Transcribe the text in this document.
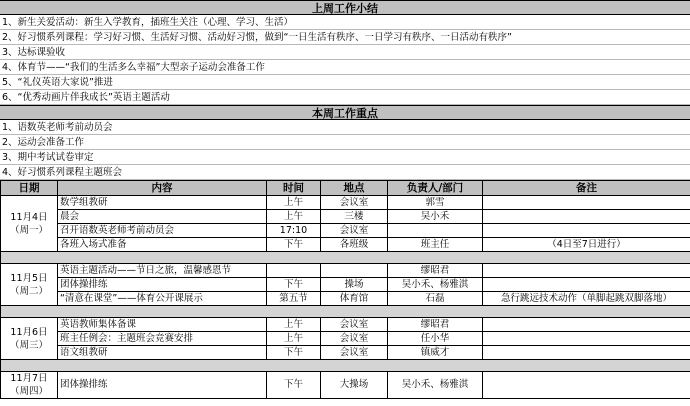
上周工作小结
1、新生关爱活动：新生入学教育，插班生关注（心理、学习、生活）
2、好习惯系列课程：学习好习惯、生活好习惯、活动好习惯，做到“一日生活有秩序、一日学习有秩序、一日活动有秩序”
3、达标课验收
4、体育节——“我们的生活多么幸福”大型亲子运动会准备工作
5、“礼仪英语大家说”推进
6、“优秀动画片伴我成长”英语主题活动
本周工作重点
1、语数英老师考前动员会
2、运动会准备工作
3、期中考试试卷审定
4、好习惯系列课程主题班会
日期	内容	时间	地点	负责人/部门	备注
11月4日
（周一）	数学组教研	上午	会议室	郭雪	
	晨会	上午	三楼	吴小禾	
	召开语数英老师考前动员会	17:10	会议室		
	各班入场式准备	下午	各班级	班主任	（4日至7日进行）

11月5日
（周二）	英语主题活动——节日之旅，温馨感恩节			缪昭君	
	团体操排练	下午	操场	吴小禾、杨雅淇	
	“清意在课堂”——体育公开课展示	第五节	体育馆	石磊	急行跳远技术动作（单脚起跳双脚落地）

11月6日
（周三）	英语教师集体备课	上午	会议室	缪昭君	
	班主任例会：主题班会竞赛安排	上午	会议室	任小华	
	语文组教研	下午	会议室	镇威才	

11月7日
（周四）	团体操排练	下午	大操场	吴小禾、杨雅淇	
